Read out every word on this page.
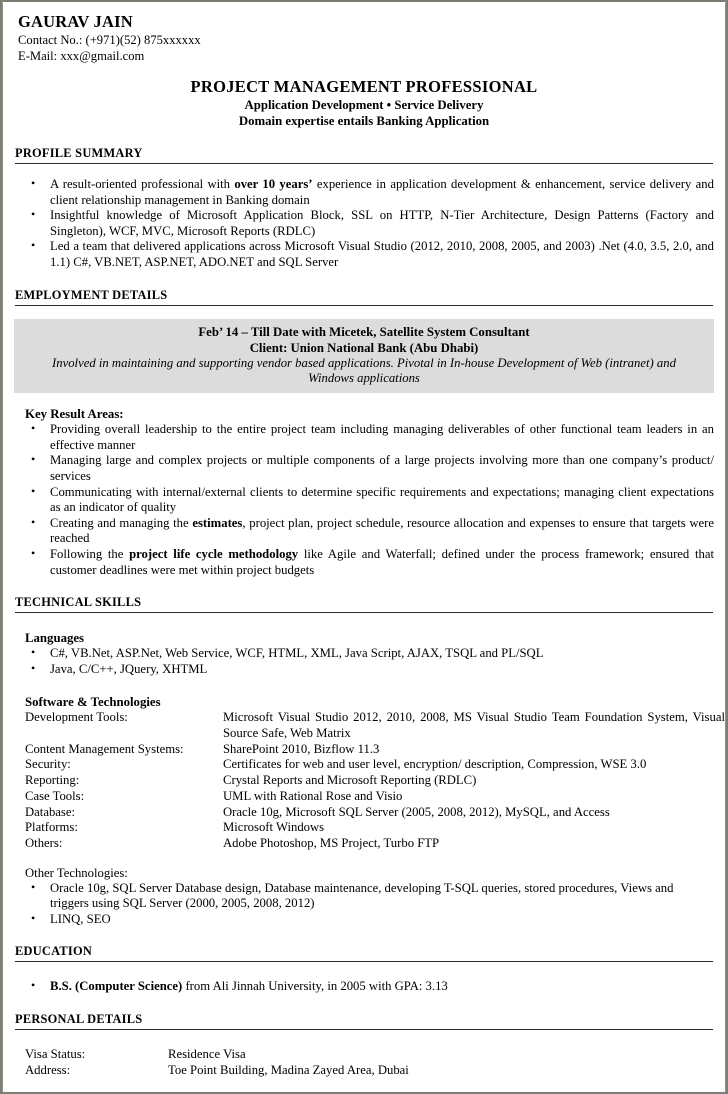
GAURAV JAIN
Contact No.: (+971)(52) 875xxxxxx
E-Mail: xxx@gmail.com
PROJECT MANAGEMENT PROFESSIONAL
Application Development • Service Delivery
Domain expertise entails Banking Application
PROFILE SUMMARY
• A result-oriented professional with over 10 years’ experience in application development & enhancement, service delivery and client relationship management in Banking domain
• Insightful knowledge of Microsoft Application Block, SSL on HTTP, N-Tier Architecture, Design Patterns (Factory and Singleton), WCF, MVC, Microsoft Reports (RDLC)
• Led a team that delivered applications across Microsoft Visual Studio (2012, 2010, 2008, 2005, and 2003) .Net (4.0, 3.5, 2.0, and 1.1) C#, VB.NET, ASP.NET, ADO.NET and SQL Server
EMPLOYMENT DETAILS
Feb’ 14 – Till Date with Micetek, Satellite System Consultant
Client: Union National Bank (Abu Dhabi)
Involved in maintaining and supporting vendor based applications. Pivotal in In-house Development of Web (intranet) and Windows applications
Key Result Areas:
• Providing overall leadership to the entire project team including managing deliverables of other functional team leaders in an effective manner
• Managing large and complex projects or multiple components of a large projects involving more than one company’s product/ services
• Communicating with internal/external clients to determine specific requirements and expectations; managing client expectations as an indicator of quality
• Creating and managing the estimates, project plan, project schedule, resource allocation and expenses to ensure that targets were reached
• Following the project life cycle methodology like Agile and Waterfall; defined under the process framework; ensured that customer deadlines were met within project budgets
TECHNICAL SKILLS
Languages
• C#, VB.Net, ASP.Net, Web Service, WCF, HTML, XML, Java Script, AJAX, TSQL and PL/SQL
• Java, C/C++, JQuery, XHTML
Software & Technologies
Development Tools:	Microsoft Visual Studio 2012, 2010, 2008, MS Visual Studio Team Foundation System, Visual Source Safe, Web Matrix
Content Management Systems:	SharePoint 2010, Bizflow 11.3
Security:	Certificates for web and user level, encryption/ description, Compression, WSE 3.0
Reporting:	Crystal Reports and Microsoft Reporting (RDLC)
Case Tools:	UML with Rational Rose and Visio
Database:	Oracle 10g, Microsoft SQL Server (2005, 2008, 2012), MySQL, and Access
Platforms:	Microsoft Windows
Others:	Adobe Photoshop, MS Project, Turbo FTP
Other Technologies:
• Oracle 10g, SQL Server Database design, Database maintenance, developing T-SQL queries, stored procedures, Views and triggers using SQL Server (2000, 2005, 2008, 2012)
• LINQ, SEO
EDUCATION
• B.S. (Computer Science) from Ali Jinnah University, in 2005 with GPA: 3.13
PERSONAL DETAILS
Visa Status:	Residence Visa
Address:	Toe Point Building, Madina Zayed Area, Dubai
